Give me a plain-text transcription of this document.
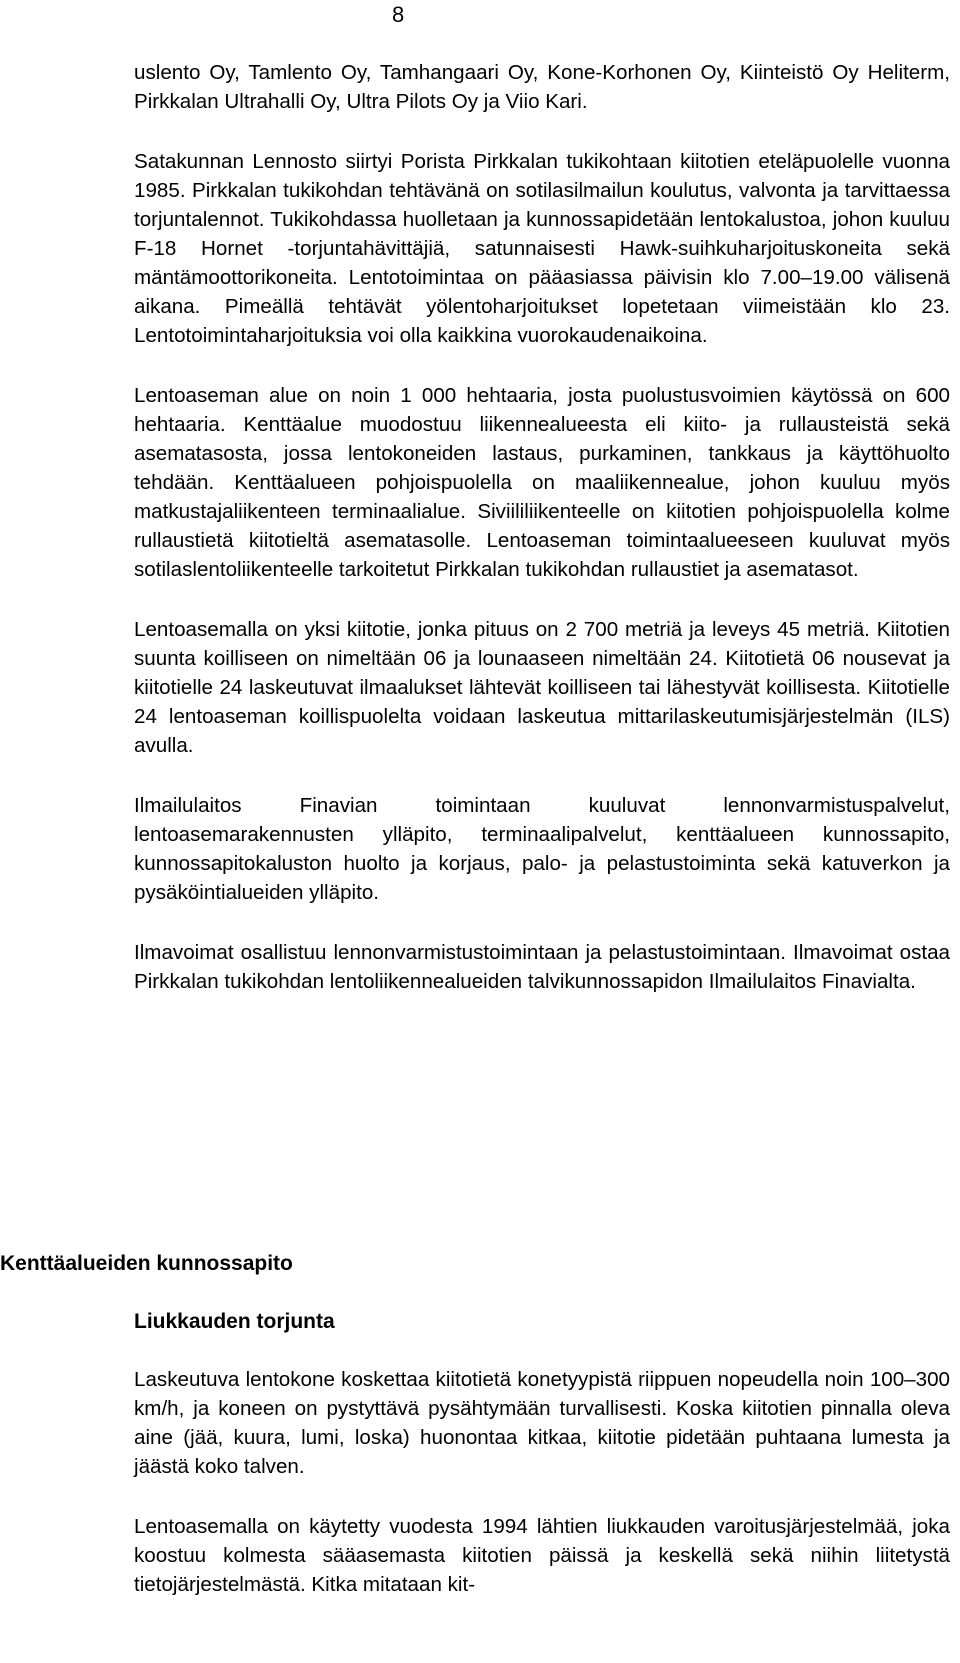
8

uslento Oy, Tamlento Oy, Tamhangaari Oy, Kone-Korhonen Oy, Kiinteistö Oy Heliterm, Pirkkalan Ultrahalli Oy, Ultra Pilots Oy ja Viio Kari.

Satakunnan Lennosto siirtyi Porista Pirkkalan tukikohtaan kiitotien eteläpuolelle vuonna 1985. Pirkkalan tukikohdan tehtävänä on sotilasilmailun koulutus, valvonta ja tarvittaessa torjuntalennot. Tukikohdassa huolletaan ja kunnossapidetään lentokalustoa, johon kuuluu F-18 Hornet -torjuntahävittäjiä, satunnaisesti Hawk-suihkuharjoituskoneita sekä mäntämoottorikoneita. Lentotoimintaa on pääasiassa päivisin klo 7.00–19.00 välisenä aikana. Pimeällä tehtävät yölentoharjoitukset lopetetaan viimeistään klo 23. Lentotoimintaharjoituksia voi olla kaikkina vuorokaudenaikoina.

Lentoaseman alue on noin 1 000 hehtaaria, josta puolustusvoimien käytössä on 600 hehtaaria. Kenttäalue muodostuu liikennealueesta eli kiito- ja rullausteistä sekä asematasosta, jossa lentokoneiden lastaus, purkaminen, tankkaus ja käyttöhuolto tehdään. Kenttäalueen pohjoispuolella on maaliikennealue, johon kuuluu myös matkustajaliikenteen terminaalialue. Siviililiikenteelle on kiitotien pohjoispuolella kolme rullaustietä kiitotieltä asematasolle. Lentoaseman toimintaalueeseen kuuluvat myös sotilaslentoliikenteelle tarkoitetut Pirkkalan tukikohdan rullaustiet ja asematasot.

Lentoasemalla on yksi kiitotie, jonka pituus on 2 700 metriä ja leveys 45 metriä. Kiitotien suunta koilliseen on nimeltään 06 ja lounaaseen nimeltään 24. Kiitotietä 06 nousevat ja kiitotielle 24 laskeutuvat ilmaalukset lähtevät koilliseen tai lähestyvät koillisesta. Kiitotielle 24 lentoaseman koillispuolelta voidaan laskeutua mittarilaskeutumisjärjestelmän (ILS) avulla.

Ilmailulaitos Finavian toimintaan kuuluvat lennonvarmistuspalvelut, lentoasemarakennusten ylläpito, terminaalipalvelut, kenttäalueen kunnossapito, kunnossapitokaluston huolto ja korjaus, palo- ja pelastustoiminta sekä katuverkon ja pysäköintialueiden ylläpito.

Ilmavoimat osallistuu lennonvarmistustoimintaan ja pelastustoimintaan. Ilmavoimat ostaa Pirkkalan tukikohdan lentoliikennealueiden talvikunnossapidon Ilmailulaitos Finavialta.

Kenttäalueiden kunnossapito
Liukkauden torjunta

Laskeutuva lentokone koskettaa kiitotietä konetyypistä riippuen nopeudella noin 100–300 km/h, ja koneen on pystyttävä pysähtymään turvallisesti. Koska kiitotien pinnalla oleva aine (jää, kuura, lumi, loska) huonontaa kitkaa, kiitotie pidetään puhtaana lumesta ja jäästä koko talven.

Lentoasemalla on käytetty vuodesta 1994 lähtien liukkauden varoitusjärjestelmää, joka koostuu kolmesta sääasemasta kiitotien päissä ja keskellä sekä niihin liitetystä tietojärjestelmästä. Kitka mitataan kit-
